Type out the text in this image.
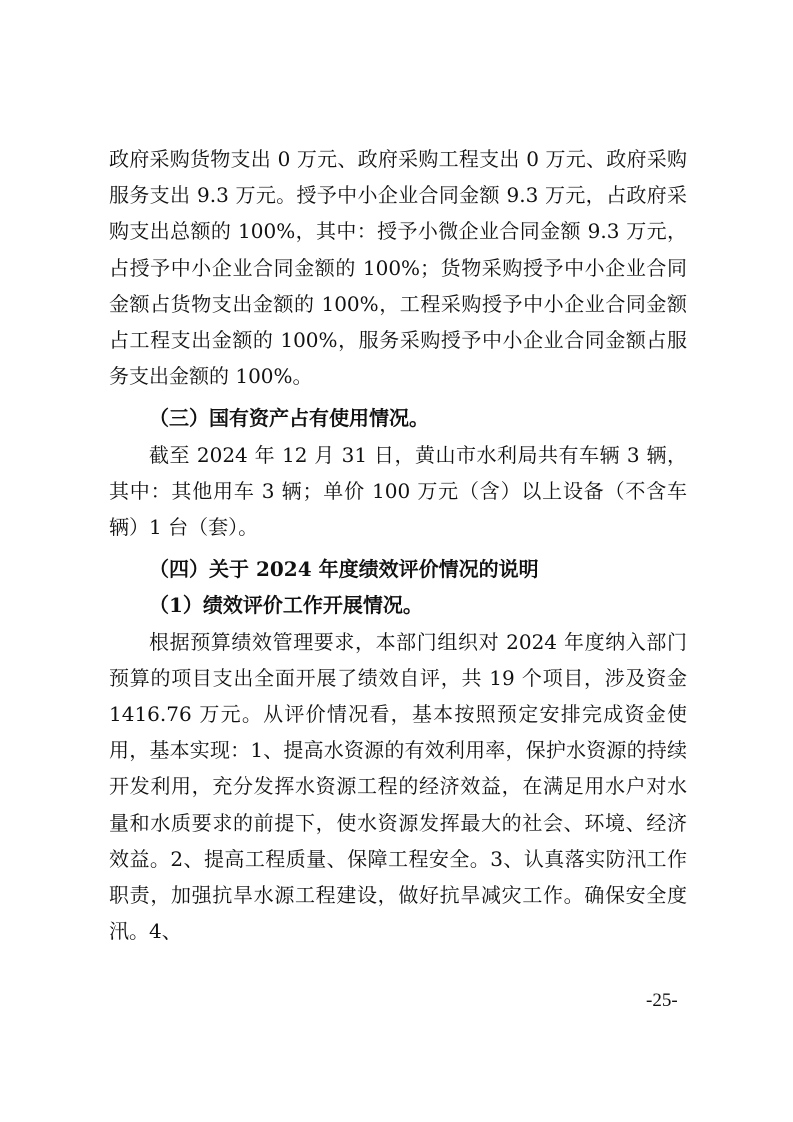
政府采购货物支出 0 万元、政府采购工程支出 0 万元、政府采购服务支出 9.3 万元。授予中小企业合同金额 9.3 万元，占政府采购支出总额的 100%，其中：授予小微企业合同金额 9.3 万元，占授予中小企业合同金额的 100%；货物采购授予中小企业合同金额占货物支出金额的 100%，工程采购授予中小企业合同金额占工程支出金额的 100%，服务采购授予中小企业合同金额占服务支出金额的 100%。

（三）国有资产占有使用情况。

截至 2024 年 12 月 31 日，黄山市水利局共有车辆 3 辆，其中：其他用车 3 辆；单价 100 万元（含）以上设备（不含车辆）1 台（套）。

（四）关于 2024 年度绩效评价情况的说明

（1）绩效评价工作开展情况。

根据预算绩效管理要求，本部门组织对 2024 年度纳入部门预算的项目支出全面开展了绩效自评，共 19 个项目，涉及资金 1416.76 万元。从评价情况看，基本按照预定安排完成资金使用，基本实现：1、提高水资源的有效利用率，保护水资源的持续开发利用，充分发挥水资源工程的经济效益，在满足用水户对水量和水质要求的前提下，使水资源发挥最大的社会、环境、经济效益。2、提高工程质量、保障工程安全。3、认真落实防汛工作职责，加强抗旱水源工程建设，做好抗旱减灾工作。确保安全度汛。4、

-25-
